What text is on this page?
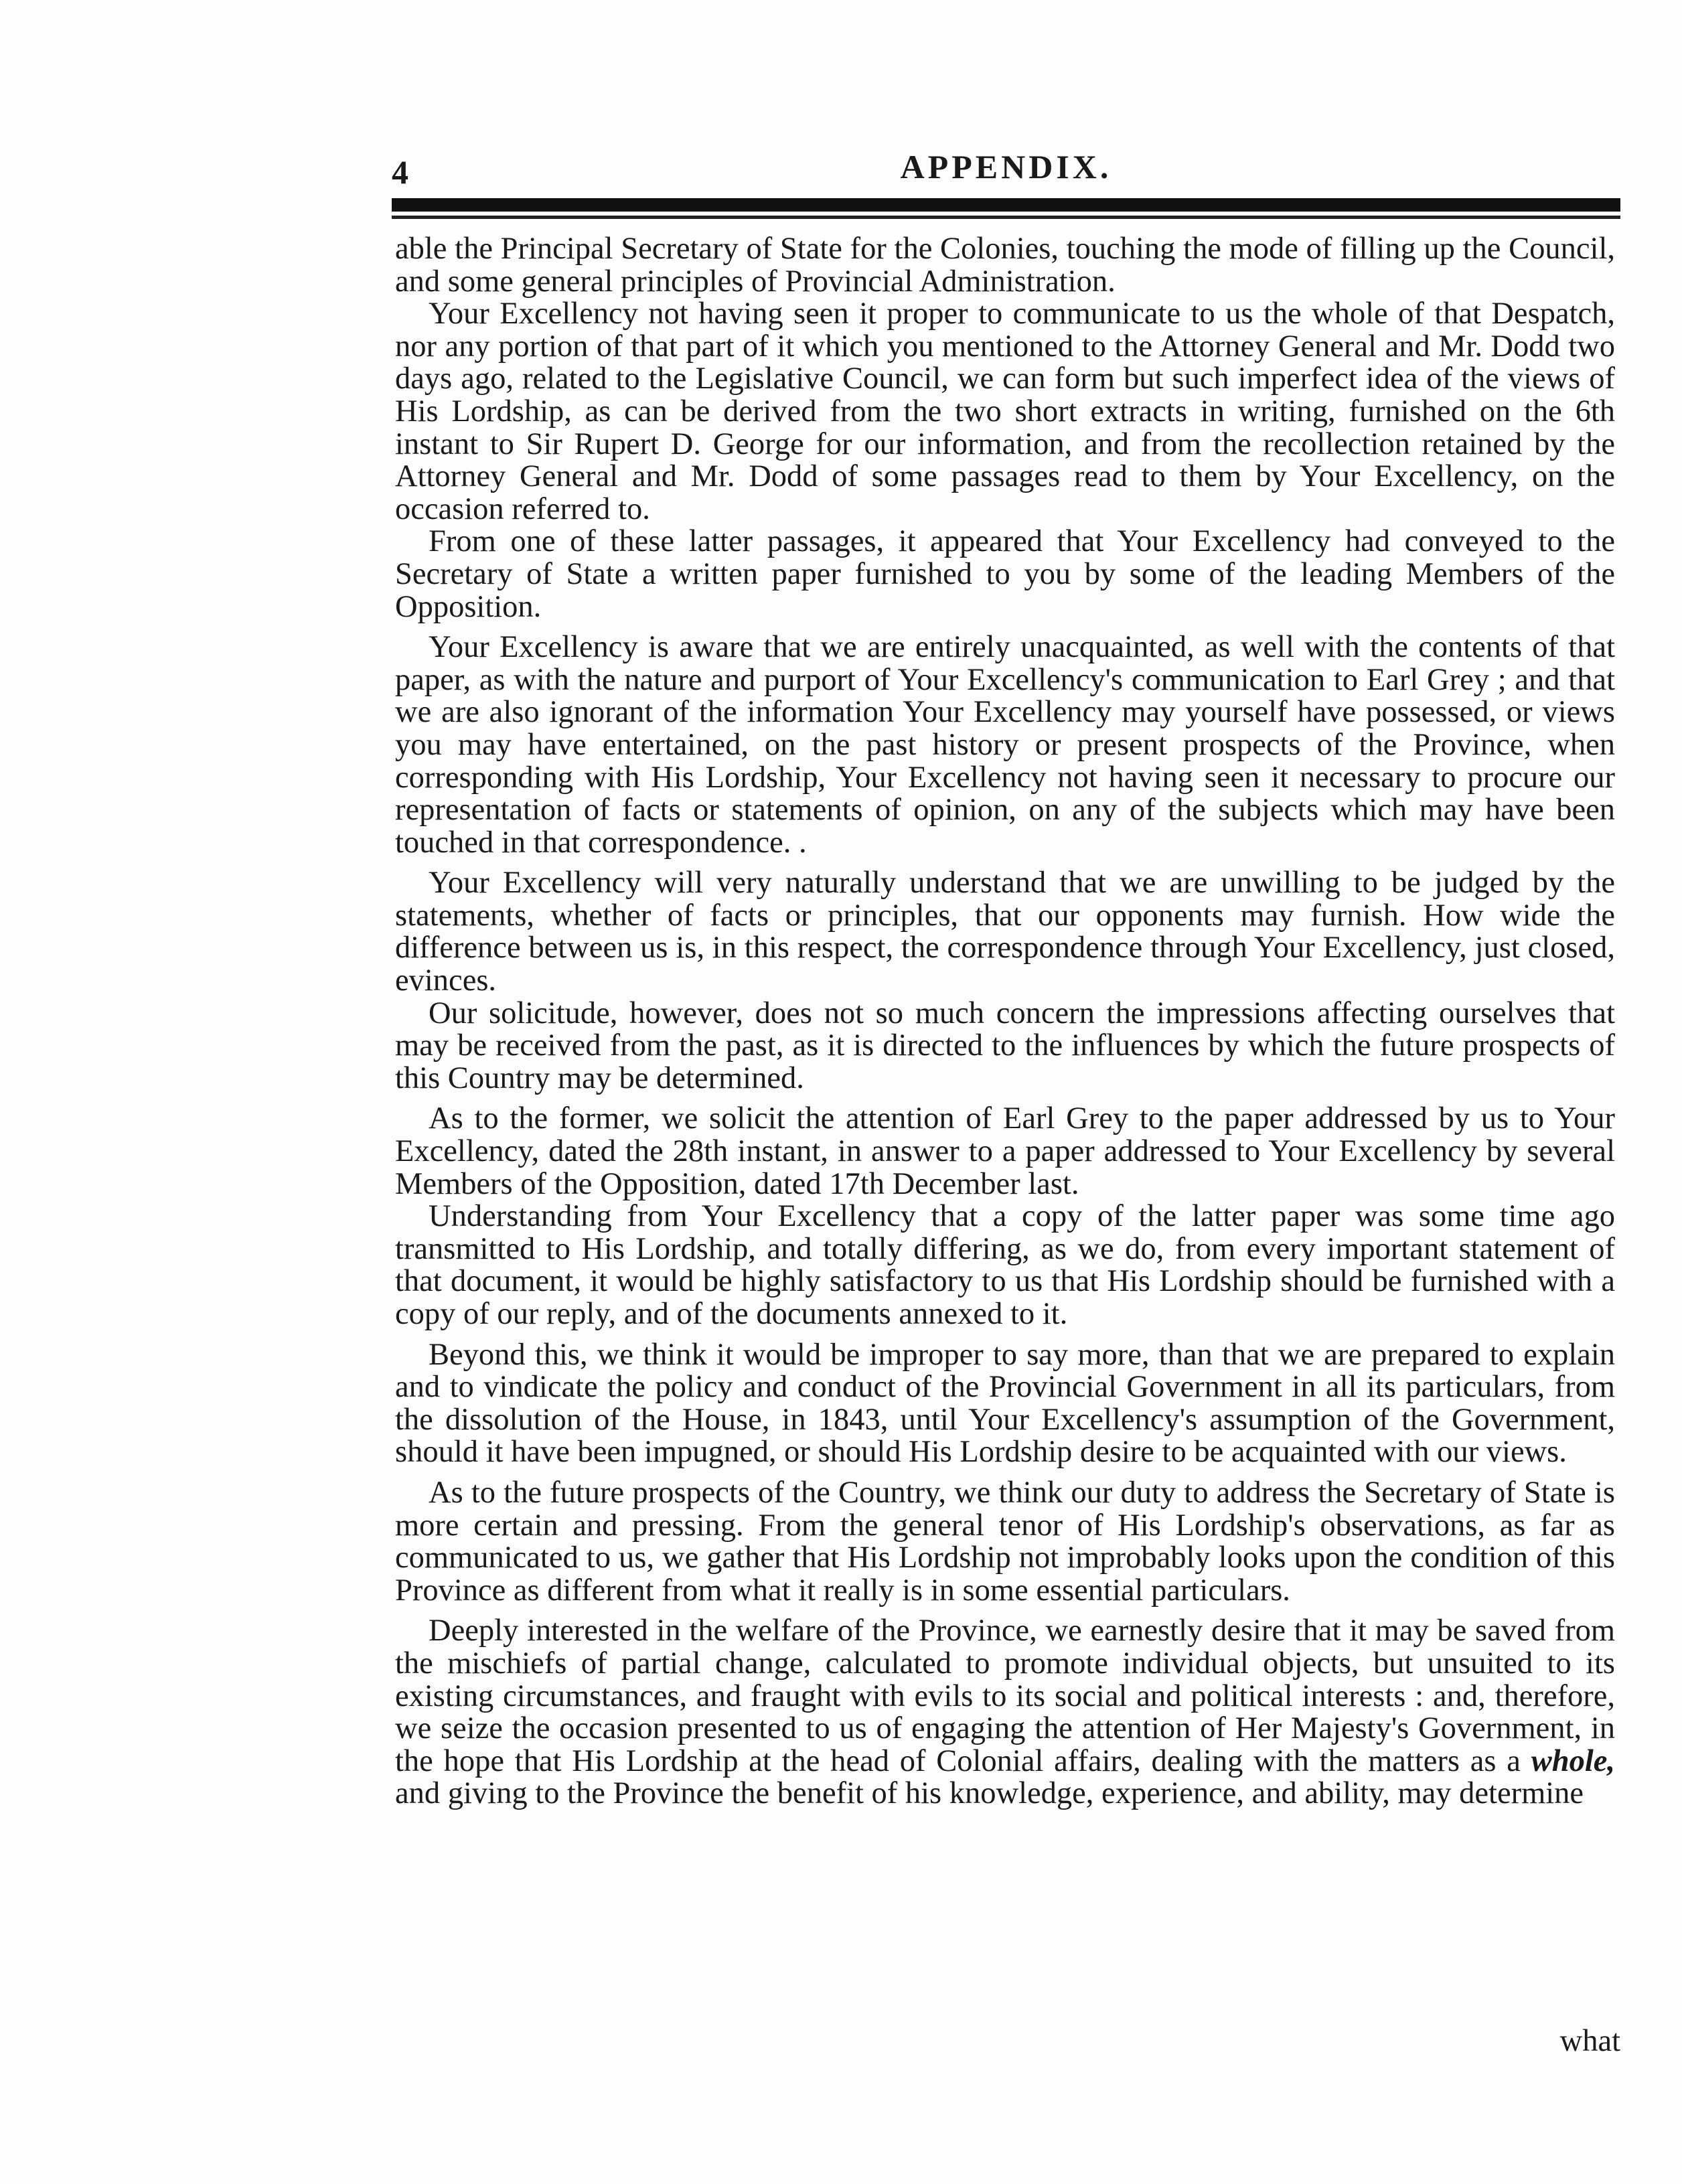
4	APPENDIX.

able the Principal Secretary of State for the Colonies, touching the mode of filling up the Council, and some general principles of Provincial Administration.

Your Excellency not having seen it proper to communicate to us the whole of that Despatch, nor any portion of that part of it which you mentioned to the Attorney General and Mr. Dodd two days ago, related to the Legislative Council, we can form but such imperfect idea of the views of His Lordship, as can be derived from the two short extracts in writing, furnished on the 6th instant to Sir Rupert D. George for our information, and from the recollection retained by the Attorney General and Mr. Dodd of some passages read to them by Your Excellency, on the occasion referred to.

From one of these latter passages, it appeared that Your Excellency had conveyed to the Secretary of State a written paper furnished to you by some of the leading Members of the Opposition.

Your Excellency is aware that we are entirely unacquainted, as well with the contents of that paper, as with the nature and purport of Your Excellency's communication to Earl Grey ; and that we are also ignorant of the information Your Excellency may yourself have possessed, or views you may have entertained, on the past history or present prospects of the Province, when corresponding with His Lordship, Your Excellency not having seen it necessary to procure our representation of facts or statements of opinion, on any of the subjects which may have been touched in that correspondence. .

Your Excellency will very naturally understand that we are unwilling to be judged by the statements, whether of facts or principles, that our opponents may furnish. How wide the difference between us is, in this respect, the correspondence through Your Excellency, just closed, evinces.

Our solicitude, however, does not so much concern the impressions affecting ourselves that may be received from the past, as it is directed to the influences by which the future prospects of this Country may be determined.

As to the former, we solicit the attention of Earl Grey to the paper addressed by us to Your Excellency, dated the 28th instant, in answer to a paper addressed to Your Excellency by several Members of the Opposition, dated 17th December last.

Understanding from Your Excellency that a copy of the latter paper was some time ago transmitted to His Lordship, and totally differing, as we do, from every important statement of that document, it would be highly satisfactory to us that His Lordship should be furnished with a copy of our reply, and of the documents annexed to it.

Beyond this, we think it would be improper to say more, than that we are prepared to explain and to vindicate the policy and conduct of the Provincial Government in all its particulars, from the dissolution of the House, in 1843, until Your Excellency's assumption of the Government, should it have been impugned, or should His Lordship desire to be acquainted with our views.

As to the future prospects of the Country, we think our duty to address the Secretary of State is more certain and pressing. From the general tenor of His Lordship's observations, as far as communicated to us, we gather that His Lordship not improbably looks upon the condition of this Province as different from what it really is in some essential particulars.

Deeply interested in the welfare of the Province, we earnestly desire that it may be saved from the mischiefs of partial change, calculated to promote individual objects, but unsuited to its existing circumstances, and fraught with evils to its social and political interests : and, therefore, we seize the occasion presented to us of engaging the attention of Her Majesty's Government, in the hope that His Lordship at the head of Colonial affairs, dealing with the matters as a whole, and giving to the Province the benefit of his knowledge, experience, and ability, may determine

what
